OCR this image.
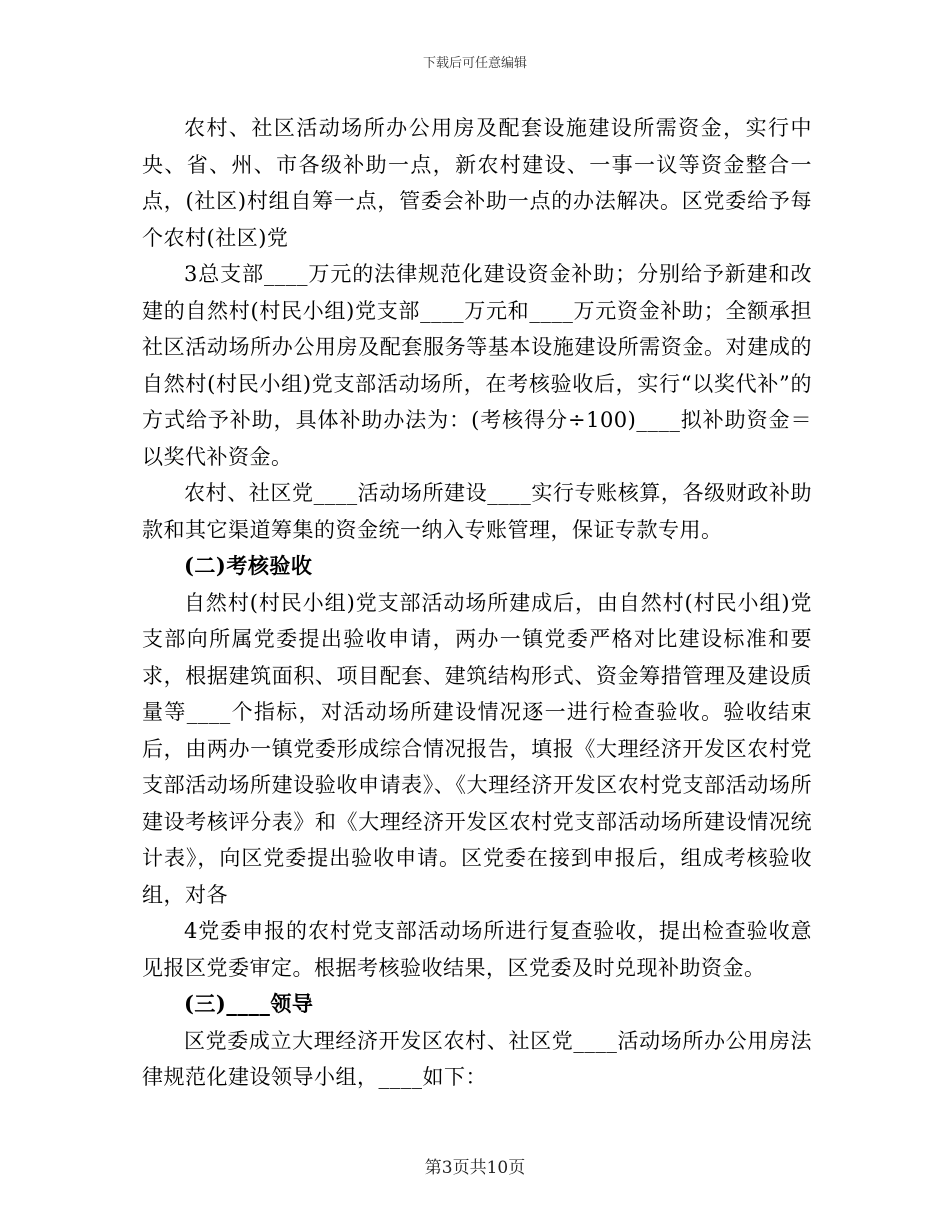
下载后可任意编辑

农村、社区活动场所办公用房及配套设施建设所需资金，实行中央、省、州、市各级补助一点，新农村建设、一事一议等资金整合一点，(社区)村组自筹一点，管委会补助一点的办法解决。区党委给予每个农村(社区)党

3总支部____万元的法律规范化建设资金补助；分别给予新建和改建的自然村(村民小组)党支部____万元和____万元资金补助；全额承担社区活动场所办公用房及配套服务等基本设施建设所需资金。对建成的自然村(村民小组)党支部活动场所，在考核验收后，实行“以奖代补”的方式给予补助，具体补助办法为：(考核得分÷100)____拟补助资金＝以奖代补资金。

农村、社区党____活动场所建设____实行专账核算，各级财政补助款和其它渠道筹集的资金统一纳入专账管理，保证专款专用。

(二)考核验收

自然村(村民小组)党支部活动场所建成后，由自然村(村民小组)党支部向所属党委提出验收申请，两办一镇党委严格对比建设标准和要求，根据建筑面积、项目配套、建筑结构形式、资金筹措管理及建设质量等____个指标，对活动场所建设情况逐一进行检查验收。验收结束后，由两办一镇党委形成综合情况报告，填报《大理经济开发区农村党支部活动场所建设验收申请表》、《大理经济开发区农村党支部活动场所建设考核评分表》和《大理经济开发区农村党支部活动场所建设情况统计表》，向区党委提出验收申请。区党委在接到申报后，组成考核验收组，对各

4党委申报的农村党支部活动场所进行复查验收，提出检查验收意见报区党委审定。根据考核验收结果，区党委及时兑现补助资金。

(三)____领导

区党委成立大理经济开发区农村、社区党____活动场所办公用房法律规范化建设领导小组，____如下：

第3页共10页
